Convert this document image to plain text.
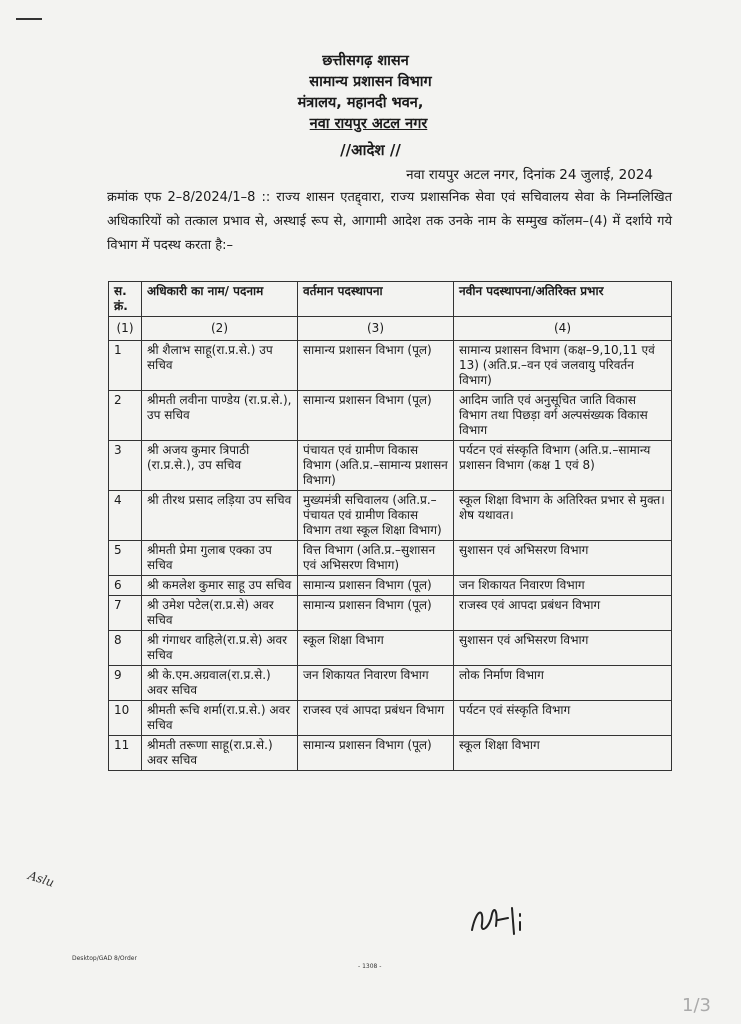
छत्तीसगढ़ शासन
सामान्य प्रशासन विभाग
मंत्रालय, महानदी भवन,
नवा रायपुर अटल नगर
//आदेश //
नवा रायपुर अटल नगर, दिनांक 24 जुलाई, 2024
क्रमांक एफ 2–8/2024/1–8 :: राज्य शासन एतद्द्वारा, राज्य प्रशासनिक सेवा एवं सचिवालय सेवा के निम्नलिखित अधिकारियों को तत्काल प्रभाव से, अस्थाई रूप से, आगामी आदेश तक उनके नाम के सम्मुख कॉलम–(4) में दर्शाये गये विभाग में पदस्थ करता है:–
स. क्रं.	अधिकारी का नाम/ पदनाम	वर्तमान पदस्थापना	नवीन पदस्थापना/अतिरिक्त प्रभार
(1)	(2)	(3)	(4)
1	श्री शैलाभ साहू(रा.प्र.से.) उप सचिव	सामान्य प्रशासन विभाग (पूल)	सामान्य प्रशासन विभाग (कक्ष–9,10,11 एवं 13) (अति.प्र.–वन एवं जलवायु परिवर्तन विभाग)
2	श्रीमती लवीना पाण्डेय (रा.प्र.से.), उप सचिव	सामान्य प्रशासन विभाग (पूल)	आदिम जाति एवं अनुसूचित जाति विकास विभाग तथा पिछड़ा वर्ग अल्पसंख्यक विकास विभाग
3	श्री अजय कुमार त्रिपाठी (रा.प्र.से.), उप सचिव	पंचायत एवं ग्रामीण विकास विभाग (अति.प्र.–सामान्य प्रशासन विभाग)	पर्यटन एवं संस्कृति विभाग (अति.प्र.–सामान्य प्रशासन विभाग (कक्ष 1 एवं 8)
4	श्री तीरथ प्रसाद लड़िया उप सचिव	मुख्यमंत्री सचिवालय (अति.प्र.–पंचायत एवं ग्रामीण विकास विभाग तथा स्कूल शिक्षा विभाग)	स्कूल शिक्षा विभाग के अतिरिक्त प्रभार से मुक्त। शेष यथावत।
5	श्रीमती प्रेमा गुलाब एक्का उप सचिव	वित्त विभाग (अति.प्र.–सुशासन एवं अभिसरण विभाग)	सुशासन एवं अभिसरण विभाग
6	श्री कमलेश कुमार साहू उप सचिव	सामान्य प्रशासन विभाग (पूल)	जन शिकायत निवारण विभाग
7	श्री उमेश पटेल(रा.प्र.से) अवर सचिव	सामान्य प्रशासन विभाग (पूल)	राजस्व एवं आपदा प्रबंधन विभाग
8	श्री गंगाधर वाहिले(रा.प्र.से) अवर सचिव	स्कूल शिक्षा विभाग	सुशासन एवं अभिसरण विभाग
9	श्री के.एम.अग्रवाल(रा.प्र.से.) अवर सचिव	जन शिकायत निवारण विभाग	लोक निर्माण विभाग
10	श्रीमती रूचि शर्मा(रा.प्र.से.) अवर सचिव	राजस्व एवं आपदा प्रबंधन विभाग	पर्यटन एवं संस्कृति विभाग
11	श्रीमती तरूणा साहू(रा.प्र.से.) अवर सचिव	सामान्य प्रशासन विभाग (पूल)	स्कूल शिक्षा विभाग
Aslu
Desktop/GAD 8/Order
- 1308 -
1/3
